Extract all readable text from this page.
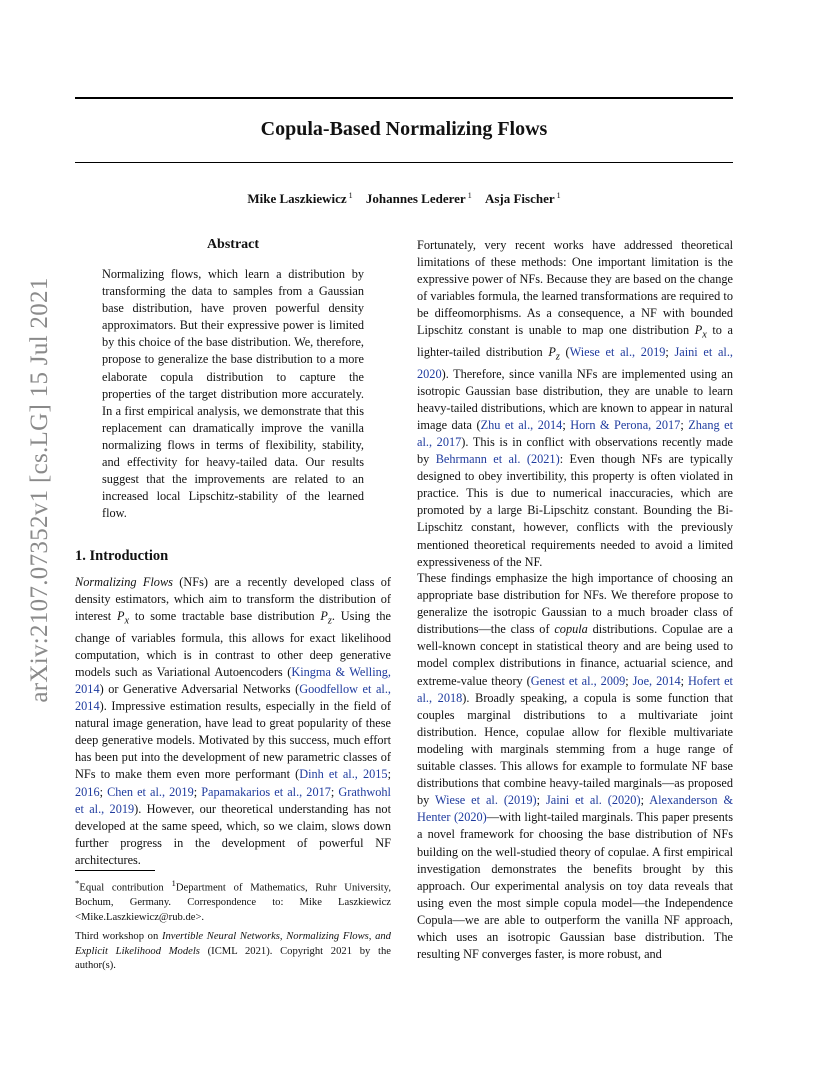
Copula-Based Normalizing Flows
Mike Laszkiewicz $^1$ Johannes Lederer $^1$ Asja Fischer $^1$
arXiv:2107.07352v1 [cs.LG] 15 Jul 2021
Abstract

Normalizing flows, which learn a distribution by transforming the data to samples from a Gaussian base distribution, have proven powerful density approximators. But their expressive power is limited by this choice of the base distribution. We, therefore, propose to generalize the base distribution to a more elaborate copula distribution to capture the properties of the target distribution more accurately. In a first empirical analysis, we demonstrate that this replacement can dramatically improve the vanilla normalizing flows in terms of flexibility, stability, and effectivity for heavy-tailed data. Our results suggest that the improvements are related to an increased local Lipschitz-stability of the learned flow.

1. Introduction

Normalizing Flows (NFs) are a recently developed class of density estimators, which aim to transform the distribution of interest $P_x$ to some tractable base distribution $P_z$. Using the change of variables formula, this allows for exact likelihood computation, which is in contrast to other deep generative models such as Variational Autoencoders (Kingma & Welling, 2014) or Generative Adversarial Networks (Goodfellow et al., 2014). Impressive estimation results, especially in the field of natural image generation, have lead to great popularity of these deep generative models. Motivated by this success, much effort has been put into the development of new parametric classes of NFs to make them even more performant (Dinh et al., 2015; 2016; Chen et al., 2019; Papamakarios et al., 2017; Grathwohl et al., 2019). However, our theoretical understanding has not developed at the same speed, which, so we claim, slows down further progress in the development of powerful NF architectures.

*Equal contribution $^1$Department of Mathematics, Ruhr University, Bochum, Germany. Correspondence to: Mike Laszkiewicz <Mike.Laszkiewicz@rub.de>.

Third workshop on Invertible Neural Networks, Normalizing Flows, and Explicit Likelihood Models (ICML 2021). Copyright 2021 by the author(s).

Fortunately, very recent works have addressed theoretical limitations of these methods: One important limitation is the expressive power of NFs. Because they are based on the change of variables formula, the learned transformations are required to be diffeomorphisms. As a consequence, a NF with bounded Lipschitz constant is unable to map one distribution $P_x$ to a lighter-tailed distribution $P_z$ (Wiese et al., 2019; Jaini et al., 2020). Therefore, since vanilla NFs are implemented using an isotropic Gaussian base distribution, they are unable to learn heavy-tailed distributions, which are known to appear in natural image data (Zhu et al., 2014; Horn & Perona, 2017; Zhang et al., 2017). This is in conflict with observations recently made by Behrmann et al. (2021): Even though NFs are typically designed to obey invertibility, this property is often violated in practice. This is due to numerical inaccuracies, which are promoted by a large Bi-Lipschitz constant. Bounding the Bi-Lipschitz constant, however, conflicts with the previously mentioned theoretical requirements needed to avoid a limited expressiveness of the NF.

These findings emphasize the high importance of choosing an appropriate base distribution for NFs. We therefore propose to generalize the isotropic Gaussian to a much broader class of distributions—the class of copula distributions. Copulae are a well-known concept in statistical theory and are being used to model complex distributions in finance, actuarial science, and extreme-value theory (Genest et al., 2009; Joe, 2014; Hofert et al., 2018). Broadly speaking, a copula is some function that couples marginal distributions to a multivariate joint distribution. Hence, copulae allow for flexible multivariate modeling with marginals stemming from a huge range of suitable classes. This allows for example to formulate NF base distributions that combine heavy-tailed marginals—as proposed by Wiese et al. (2019); Jaini et al. (2020); Alexanderson & Henter (2020)—with light-tailed marginals. This paper presents a novel framework for choosing the base distribution of NFs building on the well-studied theory of copulae. A first empirical investigation demonstrates the benefits brought by this approach. Our experimental analysis on toy data reveals that using even the most simple copula model—the Independence Copula—we are able to outperform the vanilla NF approach, which uses an isotropic Gaussian base distribution. The resulting NF converges faster, is more robust, and
